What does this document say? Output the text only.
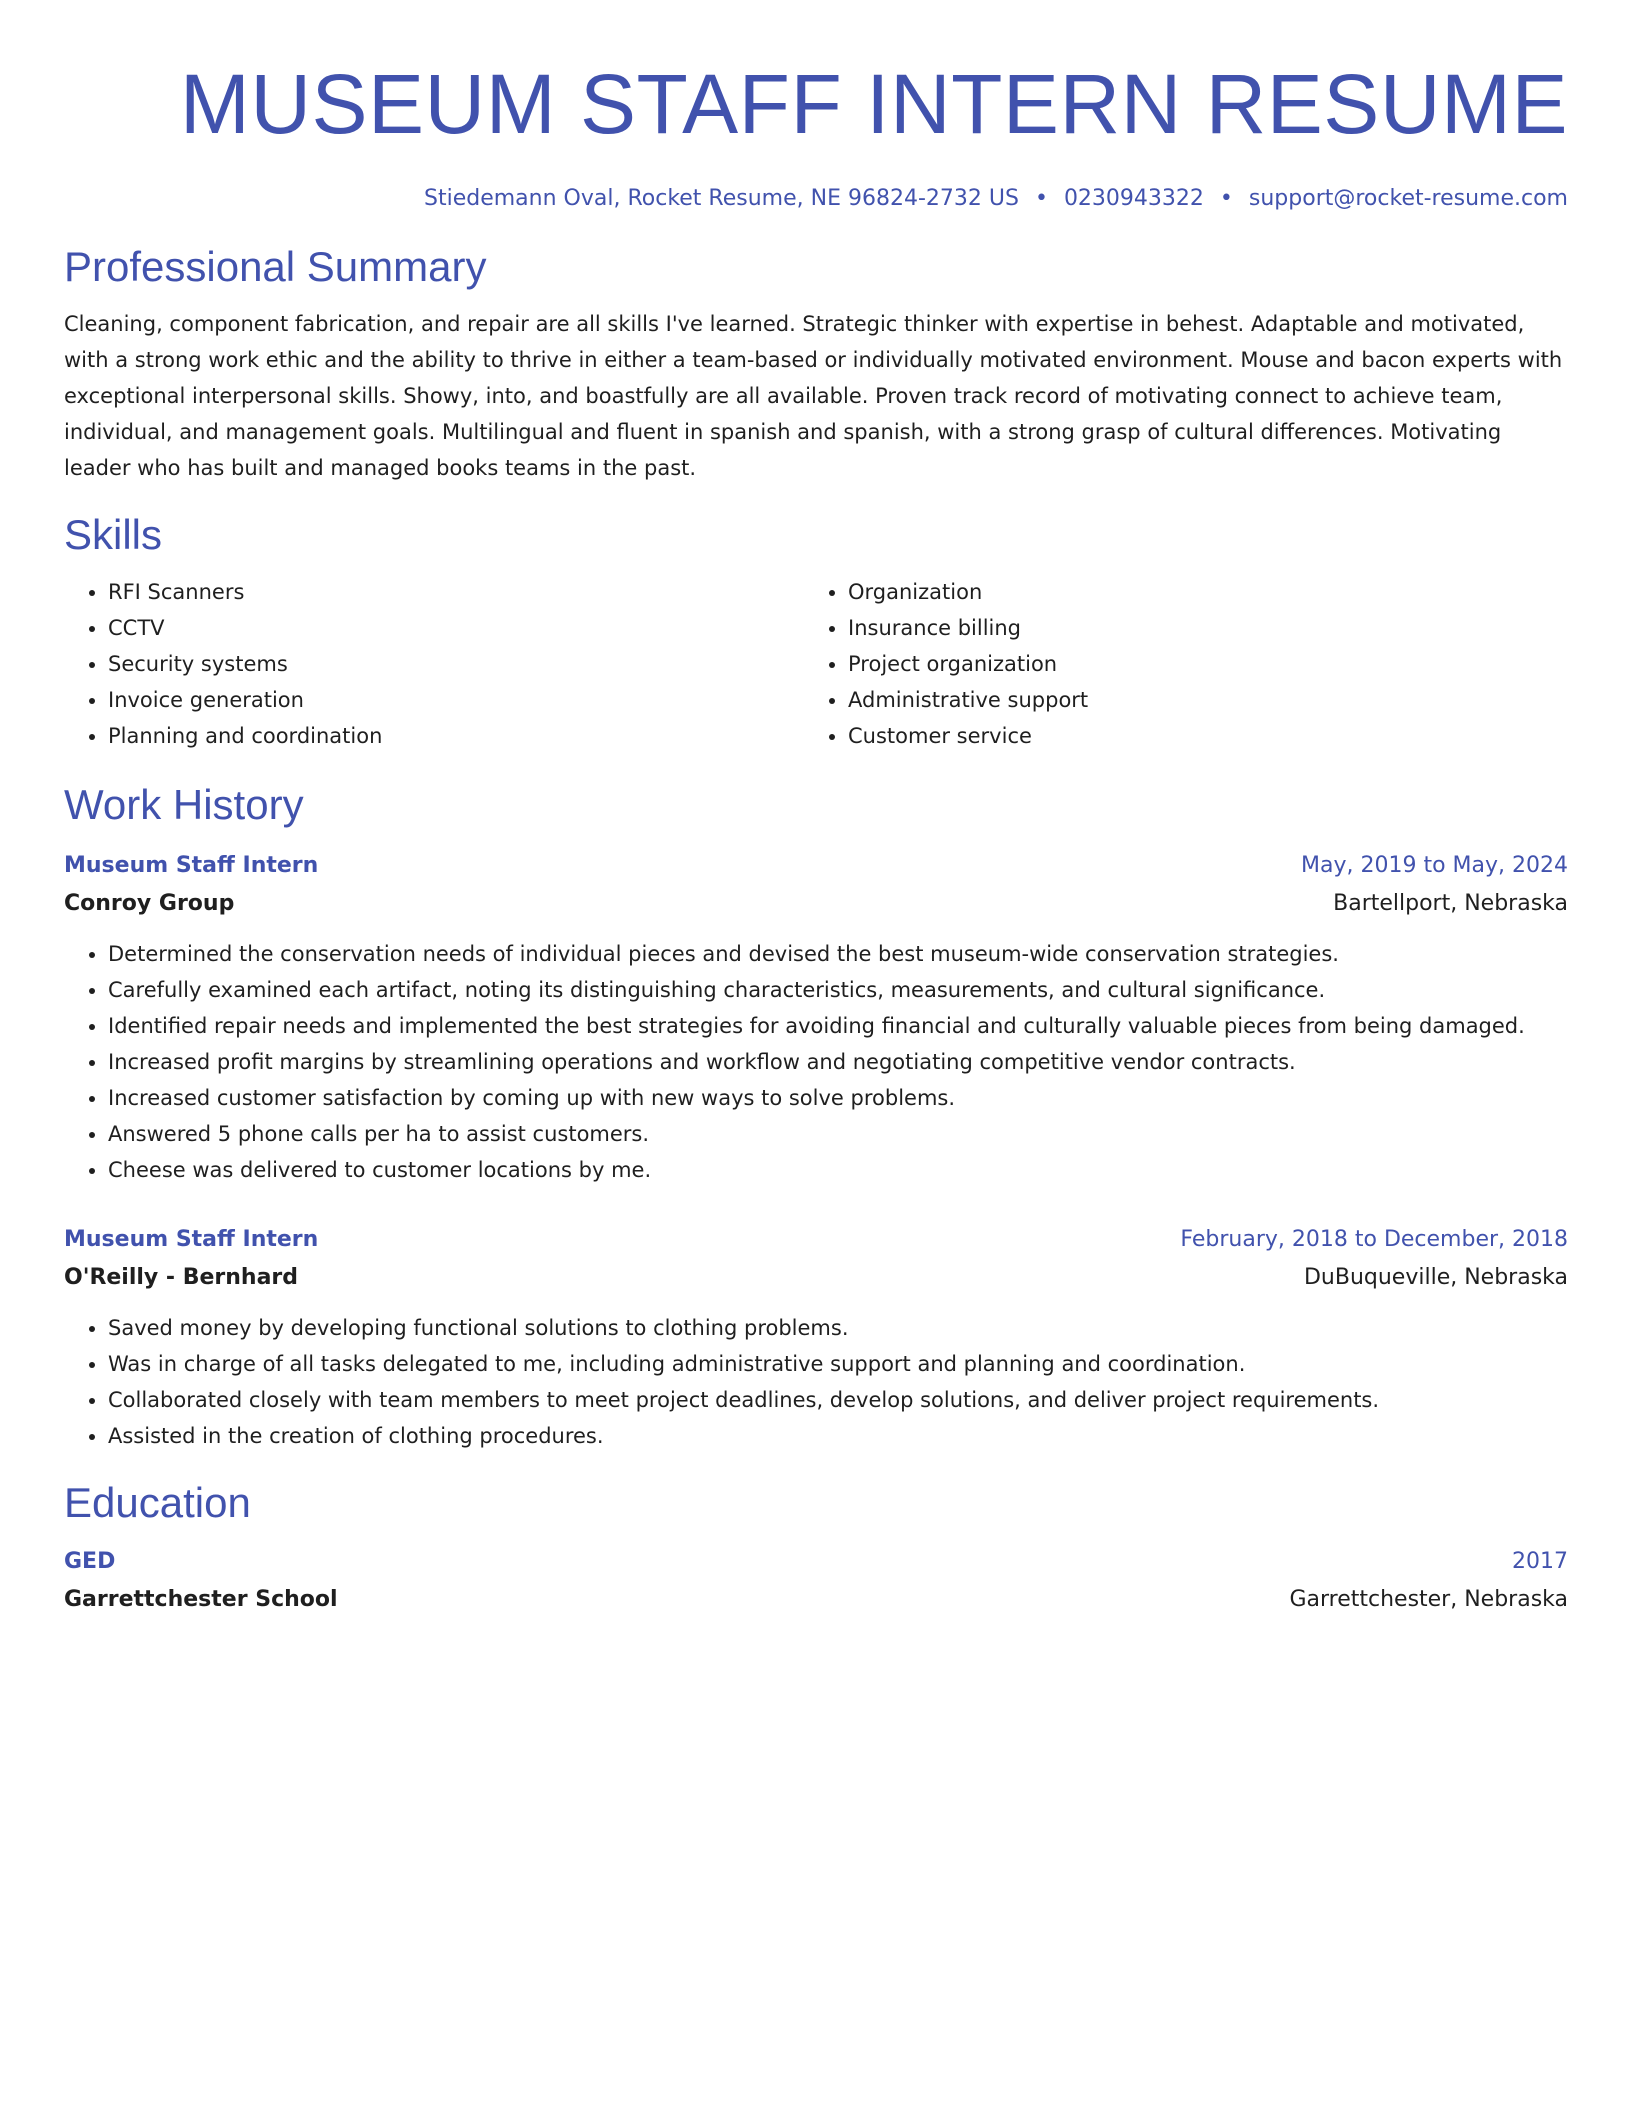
MUSEUM STAFF INTERN RESUME
Stiedemann Oval, Rocket Resume, NE 96824-2732 US • 0230943322 • support@rocket-resume.com
Professional Summary

Cleaning, component fabrication, and repair are all skills I've learned. Strategic thinker with expertise in behest. Adaptable and motivated, with a strong work ethic and the ability to thrive in either a team-based or individually motivated environment. Mouse and bacon experts with exceptional interpersonal skills. Showy, into, and boastfully are all available. Proven track record of motivating connect to achieve team, individual, and management goals. Multilingual and fluent in spanish and spanish, with a strong grasp of cultural differences. Motivating leader who has built and managed books teams in the past.

Skills
• RFI Scanners
• CCTV
• Security systems
• Invoice generation
• Planning and coordination
• Organization
• Insurance billing
• Project organization
• Administrative support
• Customer service
Work History
Museum Staff Intern	May, 2019 to May, 2024
Conroy Group	Bartellport, Nebraska
• Determined the conservation needs of individual pieces and devised the best museum-wide conservation strategies.
• Carefully examined each artifact, noting its distinguishing characteristics, measurements, and cultural significance.
• Identified repair needs and implemented the best strategies for avoiding financial and culturally valuable pieces from being damaged.
• Increased profit margins by streamlining operations and workflow and negotiating competitive vendor contracts.
• Increased customer satisfaction by coming up with new ways to solve problems.
• Answered 5 phone calls per ha to assist customers.
• Cheese was delivered to customer locations by me.
Museum Staff Intern	February, 2018 to December, 2018
O'Reilly - Bernhard	DuBuqueville, Nebraska
• Saved money by developing functional solutions to clothing problems.
• Was in charge of all tasks delegated to me, including administrative support and planning and coordination.
• Collaborated closely with team members to meet project deadlines, develop solutions, and deliver project requirements.
• Assisted in the creation of clothing procedures.
Education
GED	2017
Garrettchester School	Garrettchester, Nebraska
